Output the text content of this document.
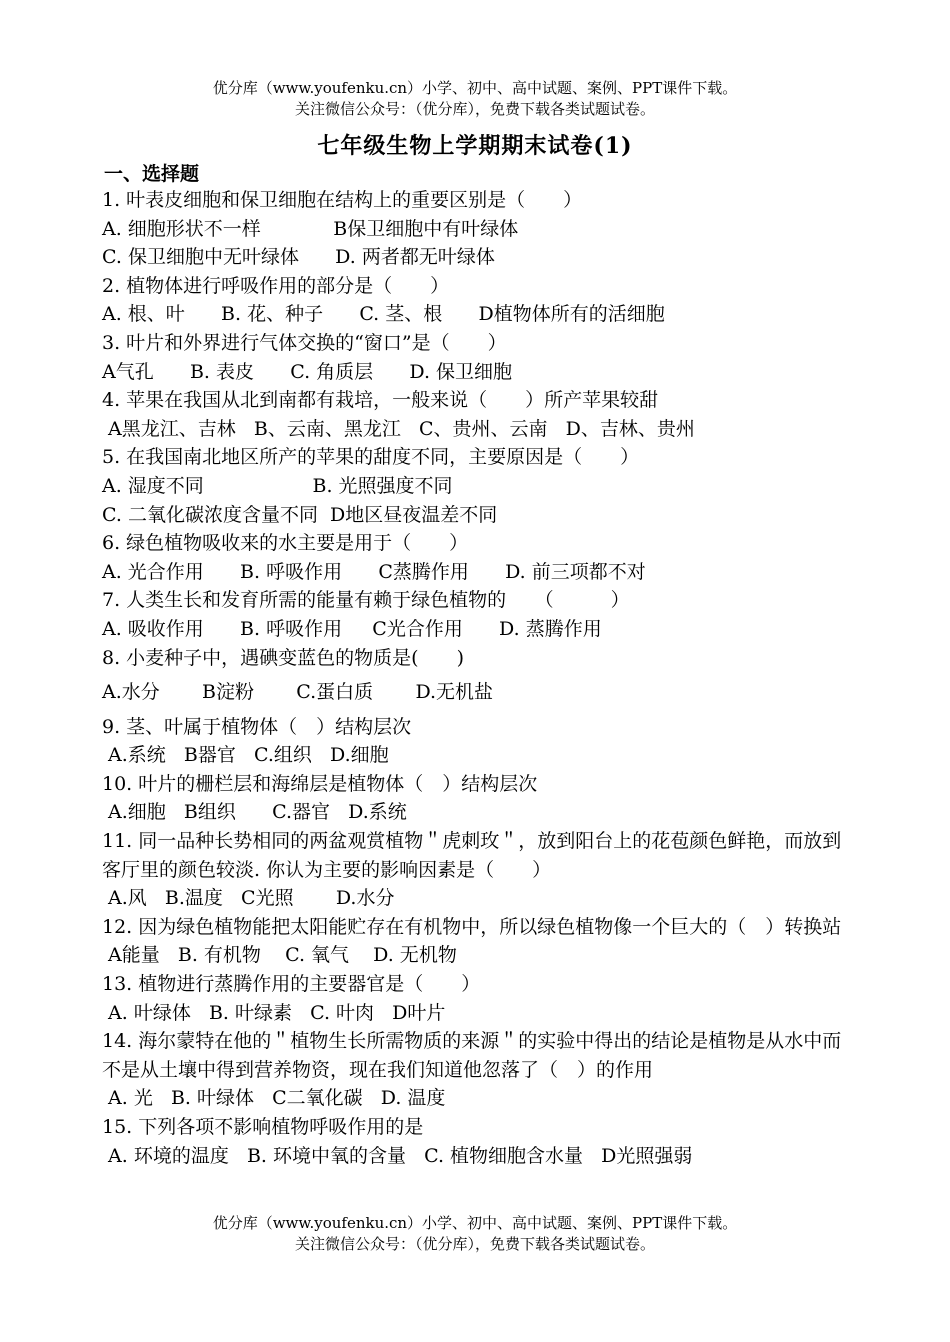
优分库（www.youfenku.cn）小学、初中、高中试题、案例、PPT课件下载。
关注微信公众号：（优分库），免费下载各类试题试卷。
七年级生物上学期期末试卷(1)
一、选择题

1. 叶表皮细胞和保卫细胞在结构上的重要区别是（　　）

A. 细胞形状不一样            B保卫细胞中有叶绿体

C. 保卫细胞中无叶绿体      D. 两者都无叶绿体

2. 植物体进行呼吸作用的部分是（　　）

A. 根、叶      B. 花、种子      C. 茎、根      D植物体所有的活细胞

3. 叶片和外界进行气体交换的“窗口”是（　　）

A气孔      B. 表皮      C. 角质层      D. 保卫细胞

4. 苹果在我国从北到南都有栽培，一般来说（　　）所产苹果较甜

A黑龙江、吉林   B、云南、黑龙江   C、贵州、云南   D、吉林、贵州

5. 在我国南北地区所产的苹果的甜度不同，主要原因是（　　）

A. 湿度不同                  B. 光照强度不同

C. 二氧化碳浓度含量不同  D地区昼夜温差不同

6. 绿色植物吸收来的水主要是用于（　　）

A. 光合作用      B. 呼吸作用      C蒸腾作用      D. 前三项都不对

7. 人类生长和发育所需的能量有赖于绿色植物的　　（　　　）

A. 吸收作用      B. 呼吸作用     C光合作用      D. 蒸腾作用

8. 小麦种子中，遇碘变蓝色的物质是(　　)

A.水分       B淀粉       C.蛋白质       D.无机盐

9. 茎、叶属于植物体（　）结构层次

A.系统   B器官   C.组织   D.细胞

10. 叶片的栅栏层和海绵层是植物体（　）结构层次

A.细胞   B组织      C.器官   D.系统

11. 同一品种长势相同的两盆观赏植物＂虎刺玫＂，放到阳台上的花苞颜色鲜艳，而放到客厅里的颜色较淡. 你认为主要的影响因素是（　　）

A.风   B.温度   C光照       D.水分

12. 因为绿色植物能把太阳能贮存在有机物中，所以绿色植物像一个巨大的（　）转换站

A能量   B. 有机物    C. 氧气    D. 无机物

13. 植物进行蒸腾作用的主要器官是（　　）

A. 叶绿体   B. 叶绿素   C. 叶肉   D叶片

14. 海尔蒙特在他的＂植物生长所需物质的来源＂的实验中得出的结论是植物是从水中而不是从土壤中得到营养物资，现在我们知道他忽落了（　）的作用

A. 光   B. 叶绿体   C二氧化碳   D. 温度

15. 下列各项不影响植物呼吸作用的是

A. 环境的温度   B. 环境中氧的含量   C. 植物细胞含水量   D光照强弱

优分库（www.youfenku.cn）小学、初中、高中试题、案例、PPT课件下载。
关注微信公众号：（优分库），免费下载各类试题试卷。
